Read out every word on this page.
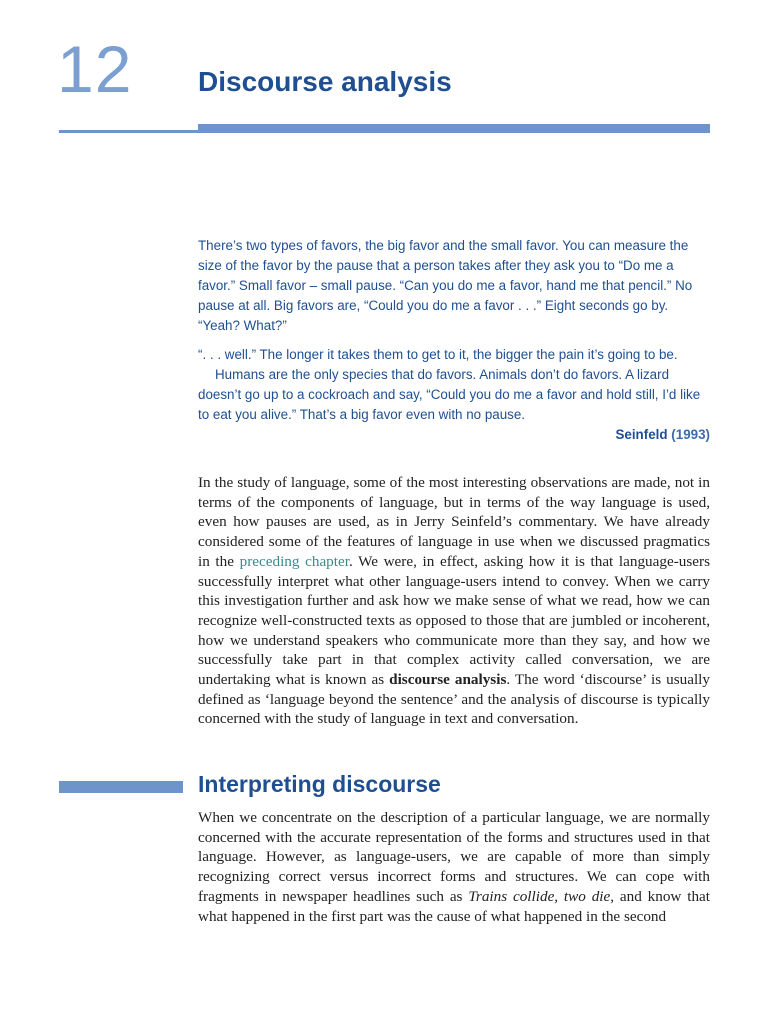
12 Discourse analysis

There’s two types of favors, the big favor and the small favor. You can measure the size of the favor by the pause that a person takes after they ask you to “Do me a favor.” Small favor – small pause. “Can you do me a favor, hand me that pencil.” No pause at all. Big favors are, “Could you do me a favor . . .” Eight seconds go by. “Yeah? What?”

“. . . well.” The longer it takes them to get to it, the bigger the pain it’s going to be.

Humans are the only species that do favors. Animals don’t do favors. A lizard doesn’t go up to a cockroach and say, “Could you do me a favor and hold still, I’d like to eat you alive.” That’s a big favor even with no pause.

Seinfeld (1993)

In the study of language, some of the most interesting observations are made, not in terms of the components of language, but in terms of the way language is used, even how pauses are used, as in Jerry Seinfeld’s commentary. We have already considered some of the features of language in use when we discussed pragmatics in the preceding chapter. We were, in effect, asking how it is that language-users successfully interpret what other language-users intend to convey. When we carry this investigation further and ask how we make sense of what we read, how we can recognize well-constructed texts as opposed to those that are jumbled or incoherent, how we understand speakers who communicate more than they say, and how we successfully take part in that complex activity called conversation, we are undertaking what is known as discourse analysis. The word ‘discourse’ is usually defined as ‘language beyond the sentence’ and the analysis of discourse is typically concerned with the study of language in text and conversation.

Interpreting discourse

When we concentrate on the description of a particular language, we are normally concerned with the accurate representation of the forms and structures used in that language. However, as language-users, we are capable of more than simply recognizing correct versus incorrect forms and structures. We can cope with fragments in newspaper headlines such as Trains collide, two die, and know that what happened in the first part was the cause of what happened in the second
